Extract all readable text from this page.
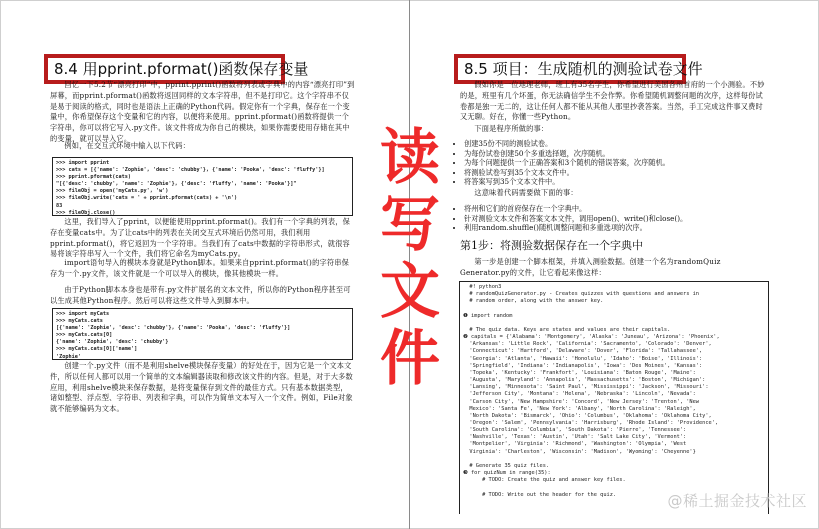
8.4 用pprint.pformat()函数保存变量

回忆一下5.2节“漂亮打印”中，pprint.pprint()函数将列表或字典中的内容“漂亮打印”到屏幕，而pprint.pformat()函数将返回同样的文本字符串，但不是打印它。这个字符串不仅是易于阅读的格式，同时也是语法上正确的Python代码。假定你有一个字典，保存在一个变量中，你希望保存这个变量和它的内容，以便将来使用。pprint.pformat()函数将提供一个字符串，你可以将它写入.py文件。该文件将成为你自己的模块，如果你需要使用存储在其中的变量，就可以导入它。

例如，在交互式环境中输入以下代码：

>>> import pprint
>>> cats = [{'name': 'Zophie', 'desc': 'chubby'}, {'name': 'Pooka', 'desc': 'fluffy'}]
>>> pprint.pformat(cats)
"[{'desc': 'chubby', 'name': 'Zophie'}, {'desc': 'fluffy', 'name': 'Pooka'}]"
>>> fileObj = open('myCats.py', 'w')
>>> fileObj.write('cats = ' + pprint.pformat(cats) + '\n')
83
>>> fileObj.close()

这里，我们导入了pprint，以便能使用pprint.pformat()。我们有一个字典的列表，保存在变量cats中。为了让cats中的列表在关闭交互式环境后仍然可用，我们利用pprint.pformat()，将它返回为一个字符串。当我们有了cats中数据的字符串形式，就很容易将该字符串写入一个文件，我们将它命名为myCats.py。

import语句导入的模块本身就是Python脚本。如果来自pprint.pformat()的字符串保存为一个.py文件，该文件就是一个可以导入的模块，像其他模块一样。

由于Python脚本本身也是带有.py文件扩展名的文本文件，所以你的Python程序甚至可以生成其他Python程序。然后可以将这些文件导入到脚本中。

>>> import myCats
>>> myCats.cats
[{'name': 'Zophie', 'desc': 'chubby'}, {'name': 'Pooka', 'desc': 'fluffy'}]
>>> myCats.cats[0]
{'name': 'Zophie', 'desc': 'chubby'}
>>> myCats.cats[0]['name']
'Zophie'

创建一个.py文件（而不是利用shelve模块保存变量）的好处在于，因为它是一个文本文件，所以任何人都可以用一个简单的文本编辑器读取和修改该文件的内容。但是，对于大多数应用，利用shelve模块来保存数据，是将变量保存到文件的最佳方式。只有基本数据类型，诸如整型、浮点型、字符串、列表和字典，可以作为简单文本写入一个文件。例如，File对象就不能够编码为文本。

8.5 项目：生成随机的测验试卷文件

假如你是一位地理老师，班上有35名学生，你希望进行美国各州首府的一个小测验。不妙的是，班里有几个坏蛋，你无法确信学生不会作弊。你希望随机调整问题的次序，这样每份试卷都是独一无二的，这让任何人都不能从其他人那里抄袭答案。当然，手工完成这件事又费时又无聊。好在，你懂一些Python。

下面是程序所做的事：

• 创建35份不同的测验试卷。
• 为每份试卷创建50个多重选择题，次序随机。
• 为每个问题提供一个正确答案和3个随机的错误答案，次序随机。
• 将测验试卷写到35个文本文件中。
• 将答案写到35个文本文件中。

这意味着代码需要做下面的事：

• 将州和它们的首府保存在一个字典中。
• 针对测验文本文件和答案文本文件，调用open()、write()和close()。
• 利用random.shuffle()随机调整问题和多重选项的次序。
第1步：将测验数据保存在一个字典中

第一步是创建一个脚本框架，并填入测验数据。创建一个名为randomQuiz Generator.py的文件，让它看起来像这样：

#! python3
# randomQuizGenerator.py - Creates quizzes with questions and answers in
# random order, along with the answer key.

❶ import random

# The quiz data. Keys are states and values are their capitals.
❷ capitals = {'Alabama': 'Montgomery', 'Alaska': 'Juneau', 'Arizona': 'Phoenix',
'Arkansas': 'Little Rock', 'California': 'Sacramento', 'Colorado': 'Denver',
'Connecticut': 'Hartford', 'Delaware': 'Dover', 'Florida': 'Tallahassee',
'Georgia': 'Atlanta', 'Hawaii': 'Honolulu', 'Idaho': 'Boise', 'Illinois':
'Springfield', 'Indiana': 'Indianapolis', 'Iowa': 'Des Moines', 'Kansas':
'Topeka', 'Kentucky': 'Frankfort', 'Louisiana': 'Baton Rouge', 'Maine':
'Augusta', 'Maryland': 'Annapolis', 'Massachusetts': 'Boston', 'Michigan':
'Lansing', 'Minnesota': 'Saint Paul', 'Mississippi': 'Jackson', 'Missouri':
'Jefferson City', 'Montana': 'Helena', 'Nebraska': 'Lincoln', 'Nevada':
'Carson City', 'New Hampshire': 'Concord', 'New Jersey': 'Trenton', 'New
Mexico': 'Santa Fe', 'New York': 'Albany', 'North Carolina': 'Raleigh',
'North Dakota': 'Bismarck', 'Ohio': 'Columbus', 'Oklahoma': 'Oklahoma City',
'Oregon': 'Salem', 'Pennsylvania': 'Harrisburg', 'Rhode Island': 'Providence',
'South Carolina': 'Columbia', 'South Dakota': 'Pierre', 'Tennessee':
'Nashville', 'Texas': 'Austin', 'Utah': 'Salt Lake City', 'Vermont':
'Montpelier', 'Virginia': 'Richmond', 'Washington': 'Olympia', 'West
Virginia': 'Charleston', 'Wisconsin': 'Madison', 'Wyoming': 'Cheyenne'}

# Generate 35 quiz files.
❸ for quizNum in range(35):
# TODO: Create the quiz and answer key files.

# TODO: Write out the header for the quiz.

读
写
文
件
@稀土掘金技术社区
